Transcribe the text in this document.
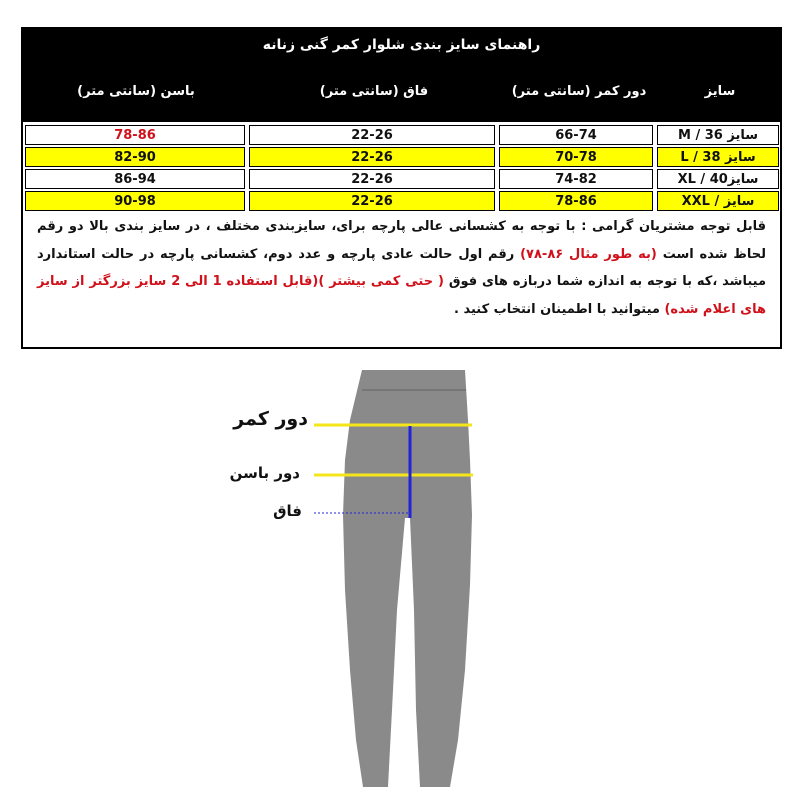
راهنمای سایز بندی شلوار کمر گنی زنانه
سایز
دور کمر (سانتی متر)
فاق (سانتی متر)
باسن (سانتی متر)
سایز 36 / M
66-74
22-26
78-86
سایز 38 / L
70-78
22-26
82-90
سایز40 / XL
74-82
22-26
86-94
سایز / XXL
78-86
22-26
90-98
قابل توجه مشتریان گرامی : با توجه به کشسانی عالی پارچه برای، سایزبندی مختلف ، در سایز بندی بالا دو رقم لحاظ شده است (به طور مثال ۸۶-۷۸) رقم اول حالت عادی پارچه و عدد دوم، کشسانی پارچه در حالت استاندارد میباشد ،که با توجه به اندازه شما دربازه های فوق ( حتی کمی بیشتر )(قابل استفاده 1 الی 2 سایز بزرگتر از سایز های اعلام شده) میتوانید با اطمینان انتخاب کنید .
دور کمر
دور باسن
فاق
